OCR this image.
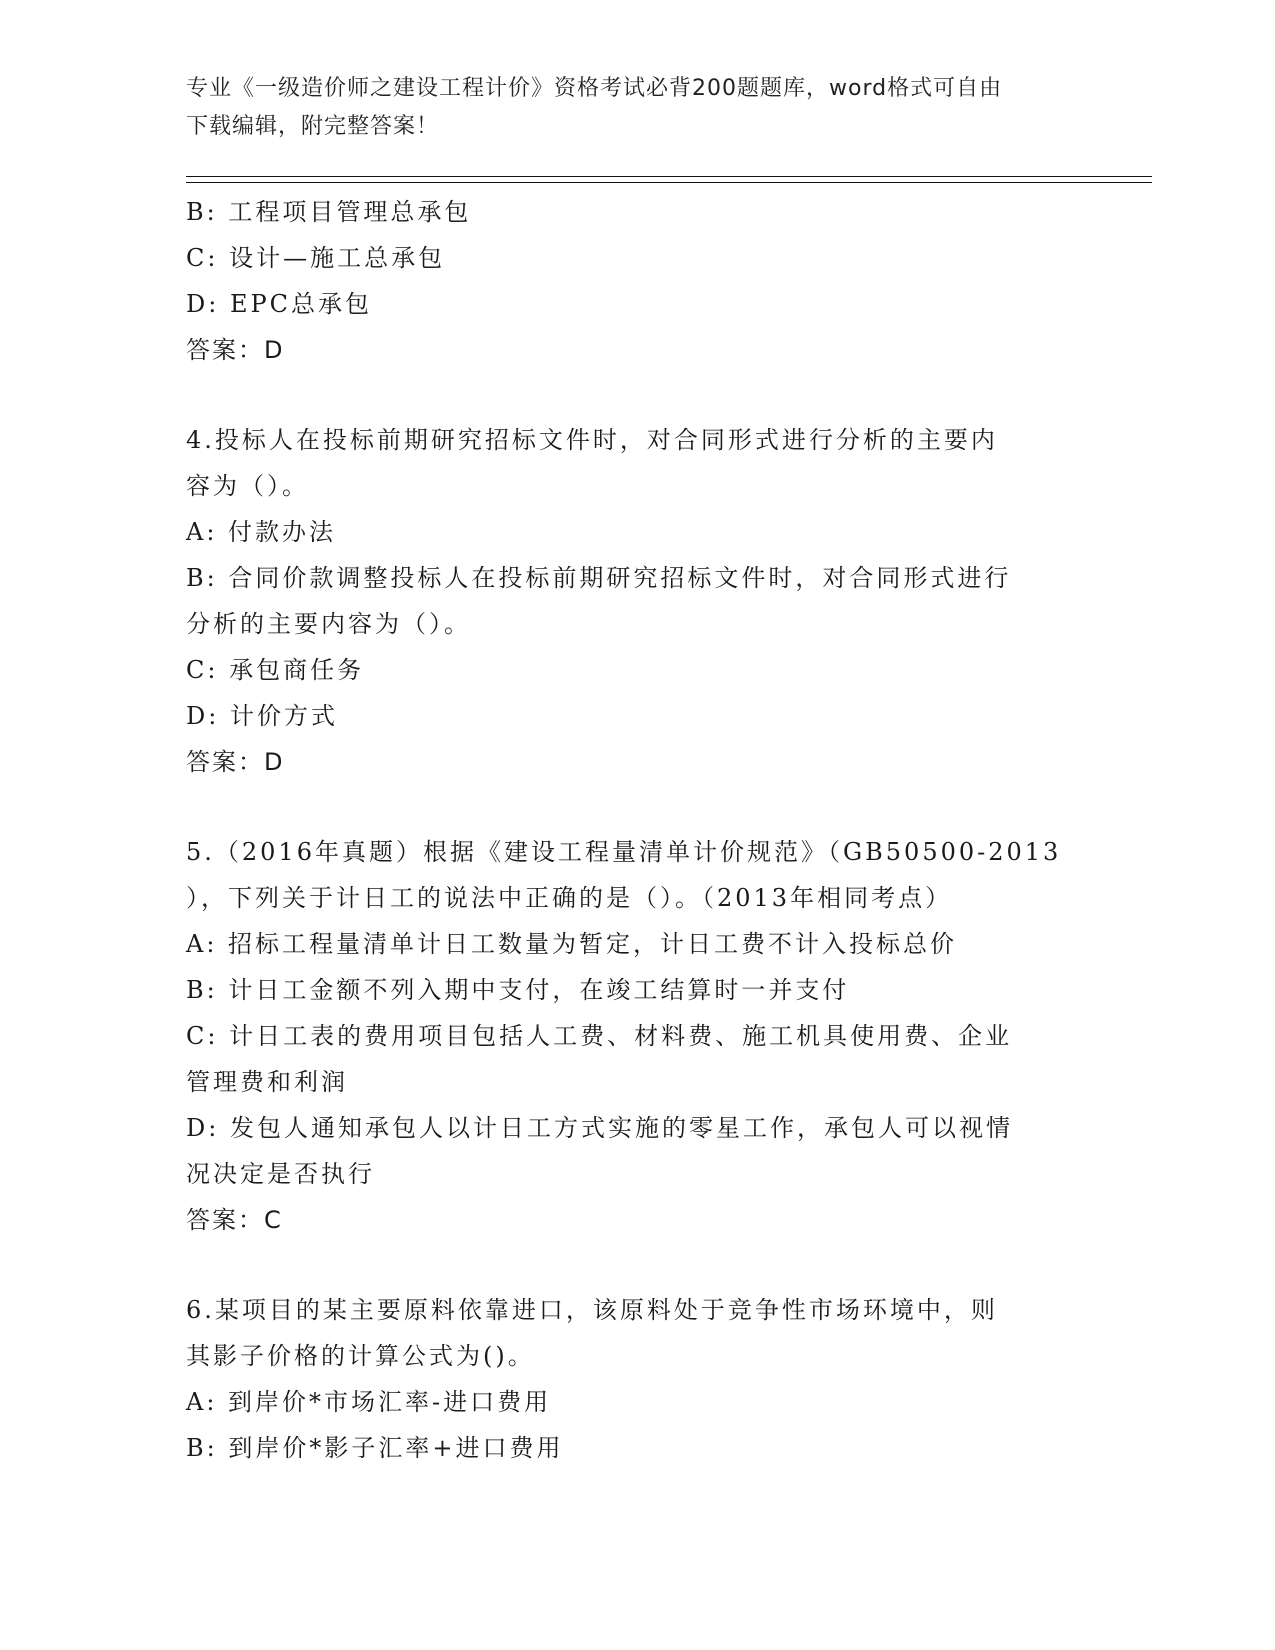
专业《一级造价师之建设工程计价》资格考试必背200题题库，word格式可自由
下载编辑，附完整答案！
B: 工程项目管理总承包
C: 设计—施工总承包
D: EPC总承包
答案：D
4.投标人在投标前期研究招标文件时，对合同形式进行分析的主要内
容为（）。
A: 付款办法
B: 合同价款调整投标人在投标前期研究招标文件时，对合同形式进行
分析的主要内容为（）。
C: 承包商任务
D: 计价方式
答案：D
5.（2016年真题）根据《建设工程量清单计价规范》（GB50500-2013
），下列关于计日工的说法中正确的是（）。（2013年相同考点）
A: 招标工程量清单计日工数量为暂定，计日工费不计入投标总价
B: 计日工金额不列入期中支付，在竣工结算时一并支付
C: 计日工表的费用项目包括人工费、材料费、施工机具使用费、企业
管理费和利润
D: 发包人通知承包人以计日工方式实施的零星工作，承包人可以视情
况决定是否执行
答案：C
6.某项目的某主要原料依靠进口，该原料处于竞争性市场环境中，则
其影子价格的计算公式为()。
A: 到岸价*市场汇率-进口费用
B: 到岸价*影子汇率+进口费用
